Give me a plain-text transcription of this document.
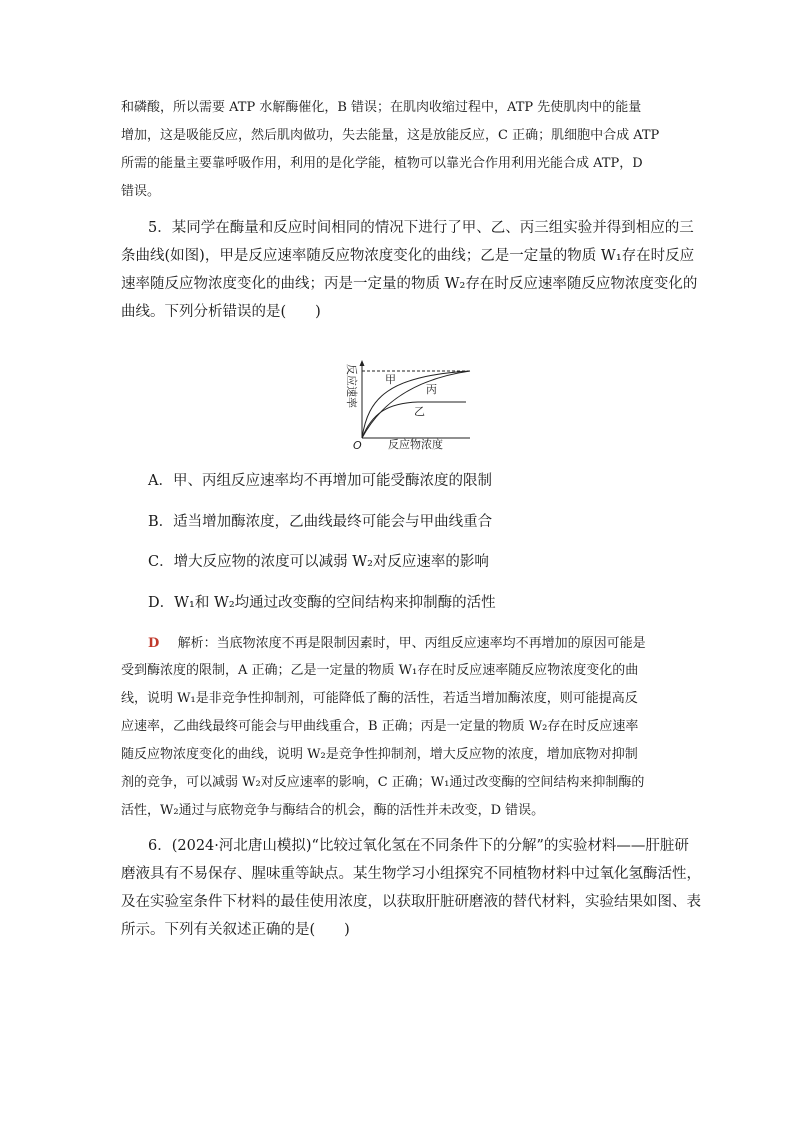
和磷酸，所以需要 ATP 水解酶催化，B 错误；在肌肉收缩过程中，ATP 先使肌肉中的能量
增加，这是吸能反应，然后肌肉做功，失去能量，这是放能反应，C 正确；肌细胞中合成 ATP
所需的能量主要靠呼吸作用，利用的是化学能，植物可以靠光合作用利用光能合成 ATP，D
错误。
5．某同学在酶量和反应时间相同的情况下进行了甲、乙、丙三组实验并得到相应的三
条曲线(如图)，甲是反应速率随反应物浓度变化的曲线；乙是一定量的物质 W₁存在时反应
速率随反应物浓度变化的曲线；丙是一定量的物质 W₂存在时反应速率随反应物浓度变化的
曲线。下列分析错误的是(　　)
反应速率
反应物浓度
O
甲
丙
乙
A．甲、丙组反应速率均不再增加可能受酶浓度的限制
B．适当增加酶浓度，乙曲线最终可能会与甲曲线重合
C．增大反应物的浓度可以减弱 W₂对反应速率的影响
D．W₁和 W₂均通过改变酶的空间结构来抑制酶的活性
D 解析：当底物浓度不再是限制因素时，甲、丙组反应速率均不再增加的原因可能是
受到酶浓度的限制，A 正确；乙是一定量的物质 W₁存在时反应速率随反应物浓度变化的曲
线，说明 W₁是非竞争性抑制剂，可能降低了酶的活性，若适当增加酶浓度，则可能提高反
应速率，乙曲线最终可能会与甲曲线重合，B 正确；丙是一定量的物质 W₂存在时反应速率
随反应物浓度变化的曲线，说明 W₂是竞争性抑制剂，增大反应物的浓度，增加底物对抑制
剂的竞争，可以减弱 W₂对反应速率的影响，C 正确；W₁通过改变酶的空间结构来抑制酶的
活性，W₂通过与底物竞争与酶结合的机会，酶的活性并未改变，D 错误。
6．(2024·河北唐山模拟)“比较过氧化氢在不同条件下的分解”的实验材料——肝脏研
磨液具有不易保存、腥味重等缺点。某生物学习小组探究不同植物材料中过氧化氢酶活性，
及在实验室条件下材料的最佳使用浓度，以获取肝脏研磨液的替代材料，实验结果如图、表
所示。下列有关叙述正确的是(　　)
